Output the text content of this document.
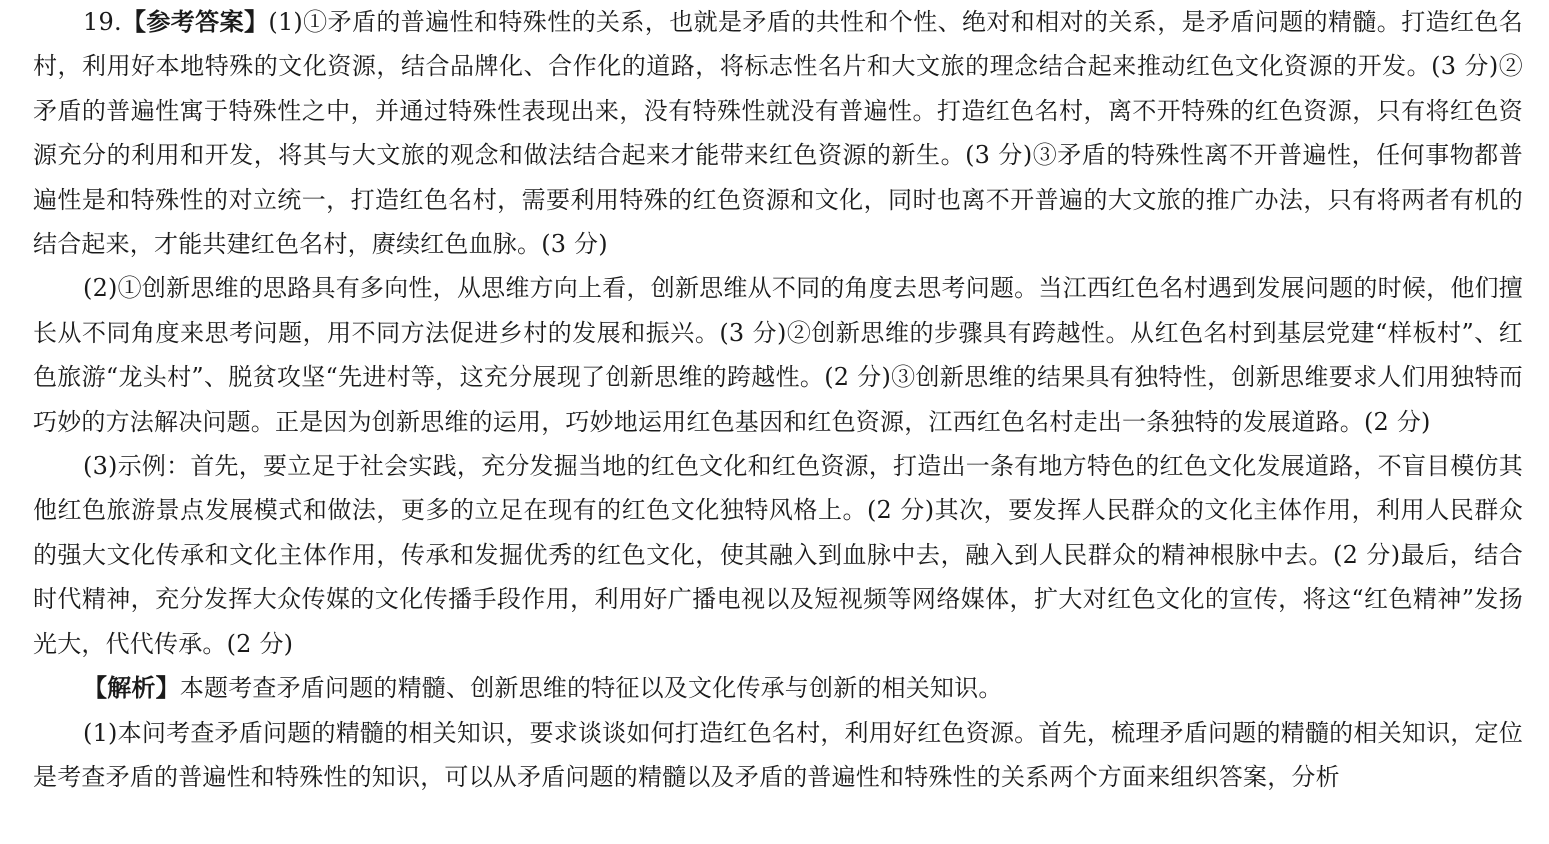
19.【参考答案】(1)①矛盾的普遍性和特殊性的关系，也就是矛盾的共性和个性、绝对和相对的关系，是矛盾问题的精髓。打造红色名村，利用好本地特殊的文化资源，结合品牌化、合作化的道路，将标志性名片和大文旅的理念结合起来推动红色文化资源的开发。(3 分)②矛盾的普遍性寓于特殊性之中，并通过特殊性表现出来，没有特殊性就没有普遍性。打造红色名村，离不开特殊的红色资源，只有将红色资源充分的利用和开发，将其与大文旅的观念和做法结合起来才能带来红色资源的新生。(3 分)③矛盾的特殊性离不开普遍性，任何事物都普遍性是和特殊性的对立统一，打造红色名村，需要利用特殊的红色资源和文化，同时也离不开普遍的大文旅的推广办法，只有将两者有机的结合起来，才能共建红色名村，赓续红色血脉。(3 分)

(2)①创新思维的思路具有多向性，从思维方向上看，创新思维从不同的角度去思考问题。当江西红色名村遇到发展问题的时候，他们擅长从不同角度来思考问题，用不同方法促进乡村的发展和振兴。(3 分)②创新思维的步骤具有跨越性。从红色名村到基层党建“样板村”、红色旅游“龙头村”、脱贫攻坚“先进村等，这充分展现了创新思维的跨越性。(2 分)③创新思维的结果具有独特性，创新思维要求人们用独特而巧妙的方法解决问题。正是因为创新思维的运用，巧妙地运用红色基因和红色资源，江西红色名村走出一条独特的发展道路。(2 分)

(3)示例：首先，要立足于社会实践，充分发掘当地的红色文化和红色资源，打造出一条有地方特色的红色文化发展道路，不盲目模仿其他红色旅游景点发展模式和做法，更多的立足在现有的红色文化独特风格上。(2 分)其次，要发挥人民群众的文化主体作用，利用人民群众的强大文化传承和文化主体作用，传承和发掘优秀的红色文化，使其融入到血脉中去，融入到人民群众的精神根脉中去。(2 分)最后，结合时代精神，充分发挥大众传媒的文化传播手段作用，利用好广播电视以及短视频等网络媒体，扩大对红色文化的宣传，将这“红色精神”发扬光大，代代传承。(2 分)

【解析】本题考查矛盾问题的精髓、创新思维的特征以及文化传承与创新的相关知识。

(1)本问考查矛盾问题的精髓的相关知识，要求谈谈如何打造红色名村，利用好红色资源。首先，梳理矛盾问题的精髓的相关知识，定位是考查矛盾的普遍性和特殊性的知识，可以从矛盾问题的精髓以及矛盾的普遍性和特殊性的关系两个方面来组织答案，分析
